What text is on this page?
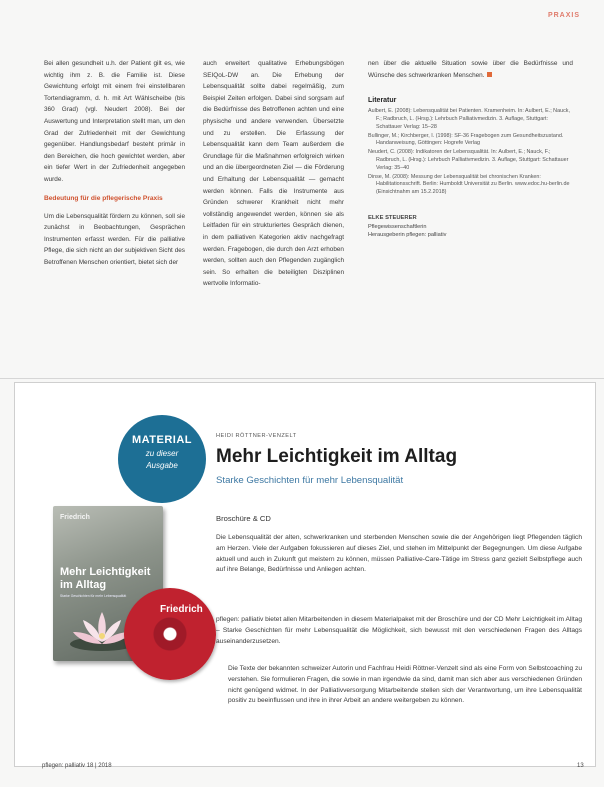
PRAXIS

Bei allen gesundheit u.h. der Patient gilt es, wie wichtig ihm z. B. die Familie ist. Diese Gewichtung erfolgt mit einem frei einstellbaren Tortendiagramm, d. h. mit Art Wählscheibe (bis 360 Grad) (vgl. Neudert 2008). Bei der Auswertung und Interpretation stellt man, um den Grad der Zufriedenheit mit der Gewichtung gegenüber. Handlungsbedarf besteht primär in den Bereichen, die hoch gewichtet werden, aber ein tiefer Wert in der Zufriedenheit angegeben wurde.

Bedeutung für die pflegerische Praxis

Um die Lebensqualität fördern zu können, soll sie zunächst in Beobachtungen, Gesprächen Instrumenten erfasst werden. Für die palliative Pflege, die sich nicht an der subjektiven Sicht des Betroffenen Menschen orientiert, bietet sich der

auch erweitert qualitative Erhebungsbögen SEIQoL-DW an. Die Erhebung der Lebensqualität sollte dabei regelmäßig, zum Beispiel Zeiten erfolgen. Dabei sind sorgsam auf die Bedürfnisse des Betroffenen achten und eine physische und andere verwenden. Übersetzte und zu erstellen. Die Erfassung der Lebensqualität kann dem Team außerdem die Grundlage für die Maßnahmen erfolgreich wirken und an die übergeordneten Ziel — die Förderung und Erhaltung der Lebensqualität — gemacht werden können. Falls die Instrumente aus Gründen schwerer Krankheit nicht mehr vollständig angewendet werden, können sie als Leitfaden für ein strukturiertes Gespräch dienen, in dem palliativen Kategorien aktiv nachgefragt werden. Fragebogen, die durch den Arzt erhoben werden, sollten auch den Pflegenden zugänglich sein. So erhalten die beteiligten Disziplinen wertvolle Informatio-

nen über die aktuelle Situation sowie über die Bedürfnisse und Wünsche des schwerkranken Menschen.

Literatur

Aulbert, E. (2008): Lebensqualität bei Patienten. Kramenheim. In: Aulbert, E.; Nauck, F.; Radbruch, L. (Hrsg.): Lehrbuch Palliativmedizin. 3. Auflage, Stuttgart: Schattauer Verlag: 15–28

Bullinger, M.; Kirchberger, I. (1998): SF-36 Fragebogen zum Gesundheitszustand. Handanweisung, Göttingen: Hogrefe Verlag

Neudert, C. (2008): Indikatoren der Lebensqualität. In: Aulbert, E.; Nauck, F.; Radbruch, L. (Hrsg.): Lehrbuch Palliativmedizin. 3. Auflage, Stuttgart: Schattauer Verlag: 35–40

Dinse, M. (2008): Messung der Lebensqualität bei chronischen Kranken: Habilitationsschrift. Berlin: Humboldt Universität zu Berlin. www.edoc.hu-berlin.de (Einsichtnahm am 15.2.2018)

ELKE STEUERER
Pflegewissenschaftlerin
Herausgeberin pflegen: palliativ
MATERIAL
zu dieser
Ausgabe
HEIDI RÖTTNER-VENZELT
Mehr Leichtigkeit im Alltag
Starke Geschichten für mehr Lebensqualität
Broschüre & CD

Die Lebensqualität der alten, schwerkranken und sterbenden Menschen sowie die der Angehörigen liegt Pflegenden täglich am Herzen. Viele der Aufgaben fokussieren auf dieses Ziel, und stehen im Mittelpunkt der Begegnungen. Um diese Aufgabe aktuell und auch in Zukunft gut meistern zu können, müssen Palliative-Care-Tätige im Stress ganz gezielt Selbstpflege auch auf ihre Belange, Bedürfnisse und Anliegen achten.

pflegen: palliativ bietet allen Mitarbeitenden in diesem Materialpaket mit der Broschüre und der CD Mehr Leichtigkeit im Alltag – Starke Geschichten für mehr Lebensqualität die Möglichkeit, sich bewusst mit den verschiedenen Fragen des Alltags auseinanderzusetzen.

Die Texte der bekannten schweizer Autorin und Fachfrau Heidi Röttner-Venzelt sind als eine Form von Selbstcoaching zu verstehen. Sie formulieren Fragen, die sowie in man irgendwie da sind, damit man sich aber aus verschiedenen Gründen nicht genügend widmet. In der Palliativversorgung Mitarbeitende stellen sich der Verantwortung, um ihre Lebensqualität positiv zu beeinflussen und ihre in ihrer Arbeit an andere weitergeben zu können.

Friedrich
Mehr Leichtigkeit
im Alltag
Starke Geschichten für mehr Lebensqualität
Friedrich
pflegen: palliativ 18 | 2018	13
